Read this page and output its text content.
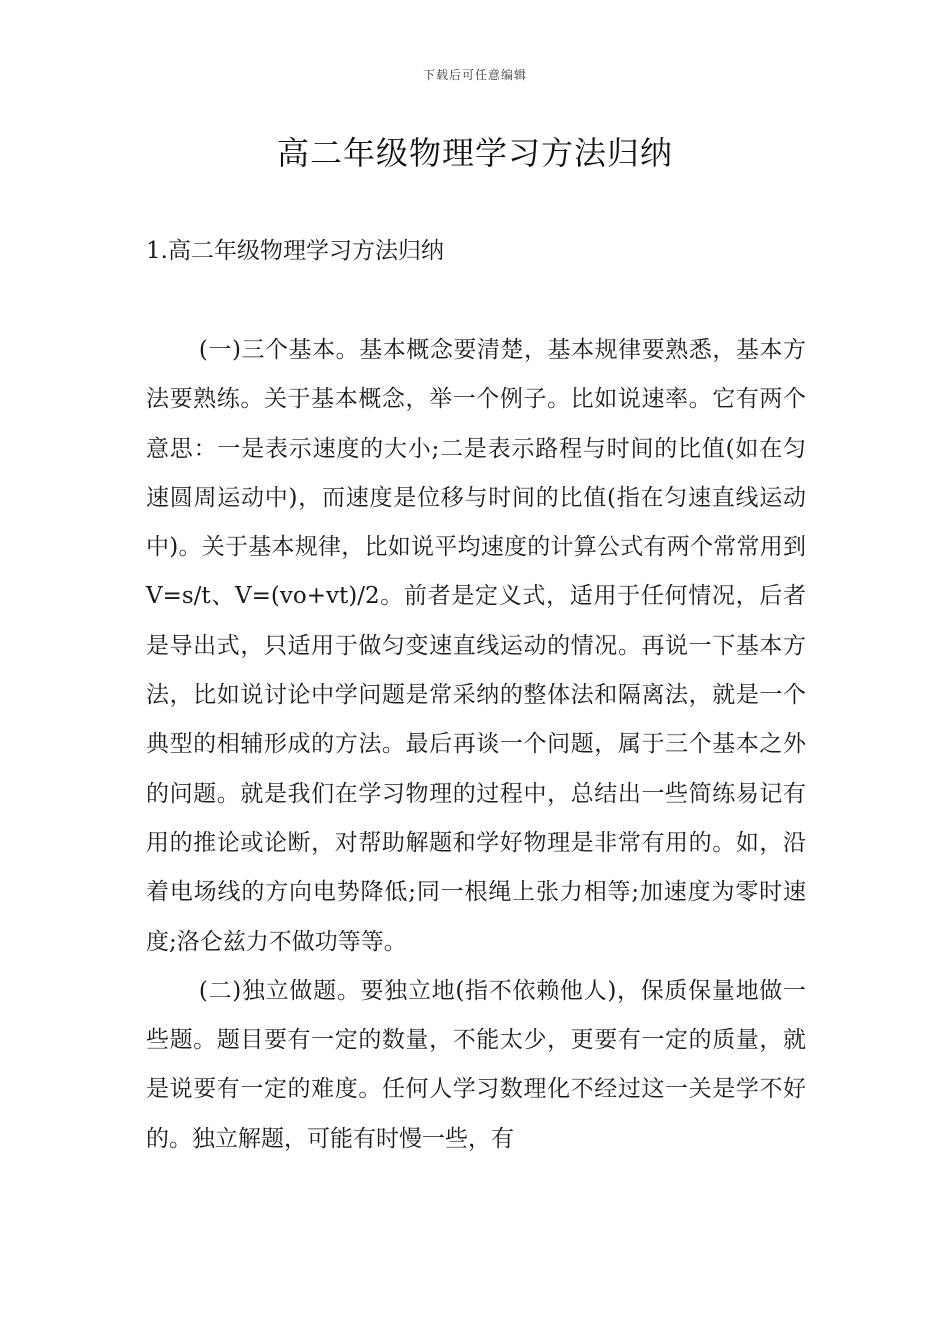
下载后可任意编辑
高二年级物理学习方法归纳
1.高二年级物理学习方法归纳

(一)三个基本。基本概念要清楚，基本规律要熟悉，基本方法要熟练。关于基本概念，举一个例子。比如说速率。它有两个意思：一是表示速度的大小;二是表示路程与时间的比值(如在匀速圆周运动中)，而速度是位移与时间的比值(指在匀速直线运动中)。关于基本规律，比如说平均速度的计算公式有两个常常用到V=s/t、V=(vo+vt)/2。前者是定义式，适用于任何情况，后者是导出式，只适用于做匀变速直线运动的情况。再说一下基本方法，比如说讨论中学问题是常采纳的整体法和隔离法，就是一个典型的相辅形成的方法。最后再谈一个问题，属于三个基本之外的问题。就是我们在学习物理的过程中，总结出一些简练易记有用的推论或论断，对帮助解题和学好物理是非常有用的。如，沿着电场线的方向电势降低;同一根绳上张力相等;加速度为零时速度;洛仑兹力不做功等等。

(二)独立做题。要独立地(指不依赖他人)，保质保量地做一些题。题目要有一定的数量，不能太少，更要有一定的质量，就是说要有一定的难度。任何人学习数理化不经过这一关是学不好的。独立解题，可能有时慢一些，有
